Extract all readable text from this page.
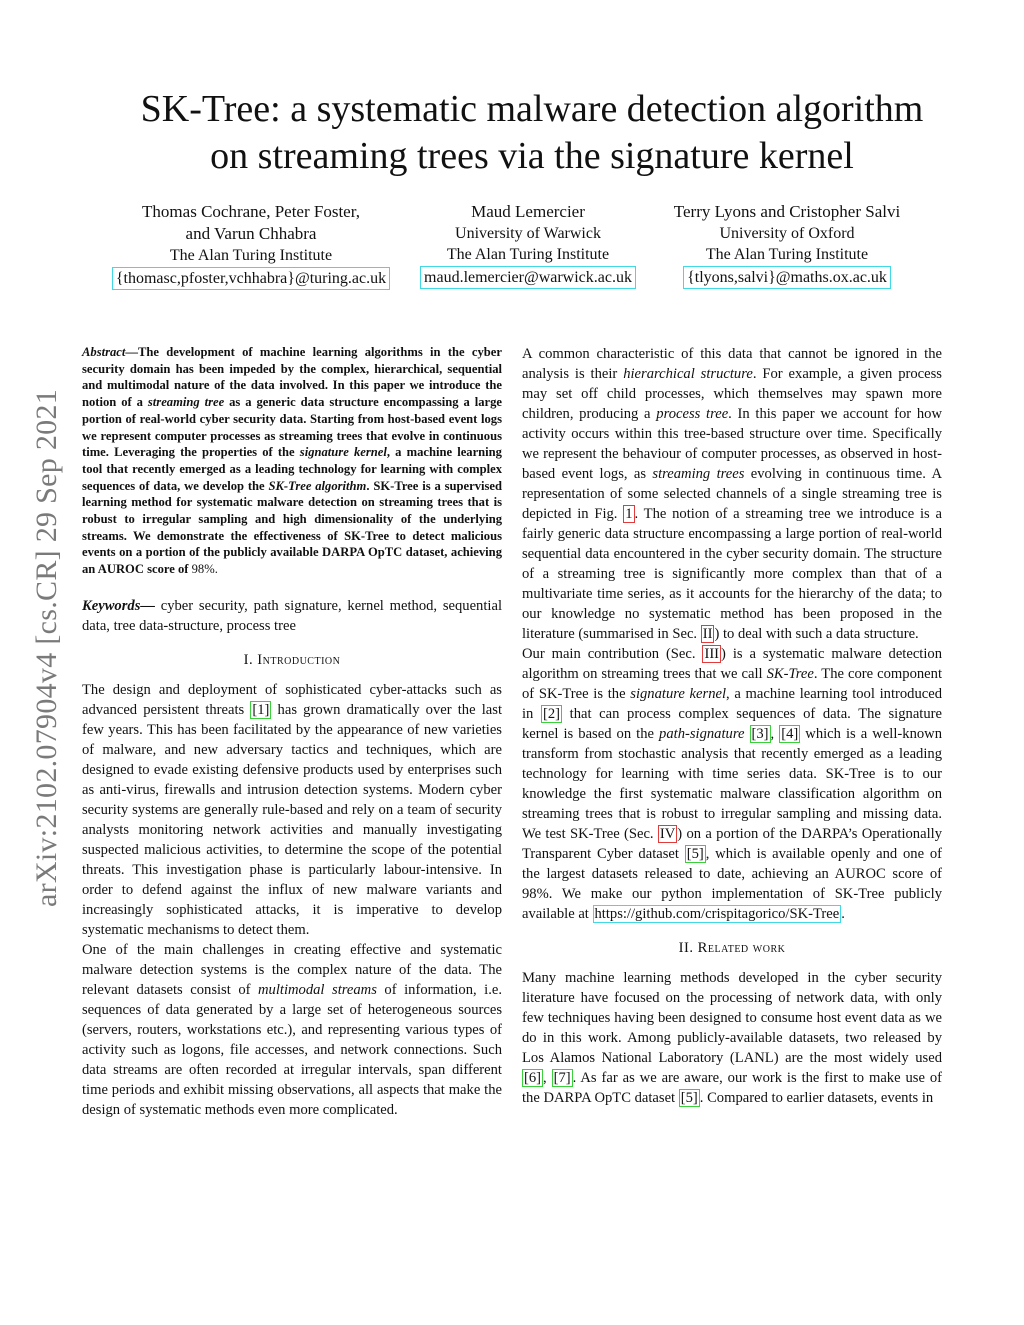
arXiv:2102.07904v4 [cs.CR] 29 Sep 2021
SK-Tree: a systematic malware detection algorithm
on streaming trees via the signature kernel
Thomas Cochrane, Peter Foster,
and Varun Chhabra
The Alan Turing Institute
{thomasc,pfoster,vchhabra}@turing.ac.uk
Maud Lemercier
University of Warwick
The Alan Turing Institute
maud.lemercier@warwick.ac.uk
Terry Lyons and Cristopher Salvi
University of Oxford
The Alan Turing Institute
{tlyons,salvi}@maths.ox.ac.uk

Abstract—The development of machine learning algorithms in the cyber security domain has been impeded by the complex, hierarchical, sequential and multimodal nature of the data involved. In this paper we introduce the notion of a streaming tree as a generic data structure encompassing a large portion of real-world cyber security data. Starting from host-based event logs we represent computer processes as streaming trees that evolve in continuous time. Leveraging the properties of the signature kernel, a machine learning tool that recently emerged as a leading technology for learning with complex sequences of data, we develop the SK-Tree algorithm. SK-Tree is a supervised learning method for systematic malware detection on streaming trees that is robust to irregular sampling and high dimensionality of the underlying streams. We demonstrate the effectiveness of SK-Tree to detect malicious events on a portion of the publicly available DARPA OpTC dataset, achieving an AUROC score of 98%.

Keywords— cyber security, path signature, kernel method, sequential data, tree data-structure, process tree

I. Introduction

The design and deployment of sophisticated cyber-attacks such as advanced persistent threats [1] has grown dramatically over the last few years. This has been facilitated by the appearance of new varieties of malware, and new adversary tactics and techniques, which are designed to evade existing defensive products used by enterprises such as anti-virus, firewalls and intrusion detection systems. Modern cyber security systems are generally rule-based and rely on a team of security analysts monitoring network activities and manually investigating suspected malicious activities, to determine the scope of the potential threats. This investigation phase is particularly labour-intensive. In order to defend against the influx of new malware variants and increasingly sophisticated attacks, it is imperative to develop systematic mechanisms to detect them.

One of the main challenges in creating effective and systematic malware detection systems is the complex nature of the data. The relevant datasets consist of multimodal streams of information, i.e. sequences of data generated by a large set of heterogeneous sources (servers, routers, workstations etc.), and representing various types of activity such as logons, file accesses, and network connections. Such data streams are often recorded at irregular intervals, span different time periods and exhibit missing observations, all aspects that make the design of systematic methods even more complicated.

A common characteristic of this data that cannot be ignored in the analysis is their hierarchical structure. For example, a given process may set off child processes, which themselves may spawn more children, producing a process tree. In this paper we account for how activity occurs within this tree-based structure over time. Specifically we represent the behaviour of computer processes, as observed in host-based event logs, as streaming trees evolving in continuous time. A representation of some selected channels of a single streaming tree is depicted in Fig. 1 . The notion of a streaming tree we introduce is a fairly generic data structure encompassing a large portion of real-world sequential data encountered in the cyber security domain. The structure of a streaming tree is significantly more complex than that of a multivariate time series, as it accounts for the hierarchy of the data; to our knowledge no systematic method has been proposed in the literature (summarised in Sec. II ) to deal with such a data structure.

Our main contribution (Sec. III ) is a systematic malware detection algorithm on streaming trees that we call SK-Tree. The core component of SK-Tree is the signature kernel, a machine learning tool introduced in [2] that can process complex sequences of data. The signature kernel is based on the path-signature [3] , [4] which is a well-known transform from stochastic analysis that recently emerged as a leading technology for learning with time series data. SK-Tree is to our knowledge the first systematic malware classification algorithm on streaming trees that is robust to irregular sampling and missing data. We test SK-Tree (Sec. IV ) on a portion of the DARPA’s Operationally Transparent Cyber dataset [5] , which is available openly and one of the largest datasets released to date, achieving an AUROC score of 98%. We make our python implementation of SK-Tree publicly available at https://github.com/crispitagorico/SK-Tree .

II. Related work

Many machine learning methods developed in the cyber security literature have focused on the processing of network data, with only few techniques having been designed to consume host event data as we do in this work. Among publicly-available datasets, two released by Los Alamos National Laboratory (LANL) are the most widely used [6] , [7] . As far as we are aware, our work is the first to make use of the DARPA OpTC dataset [5] . Compared to earlier datasets, events in
